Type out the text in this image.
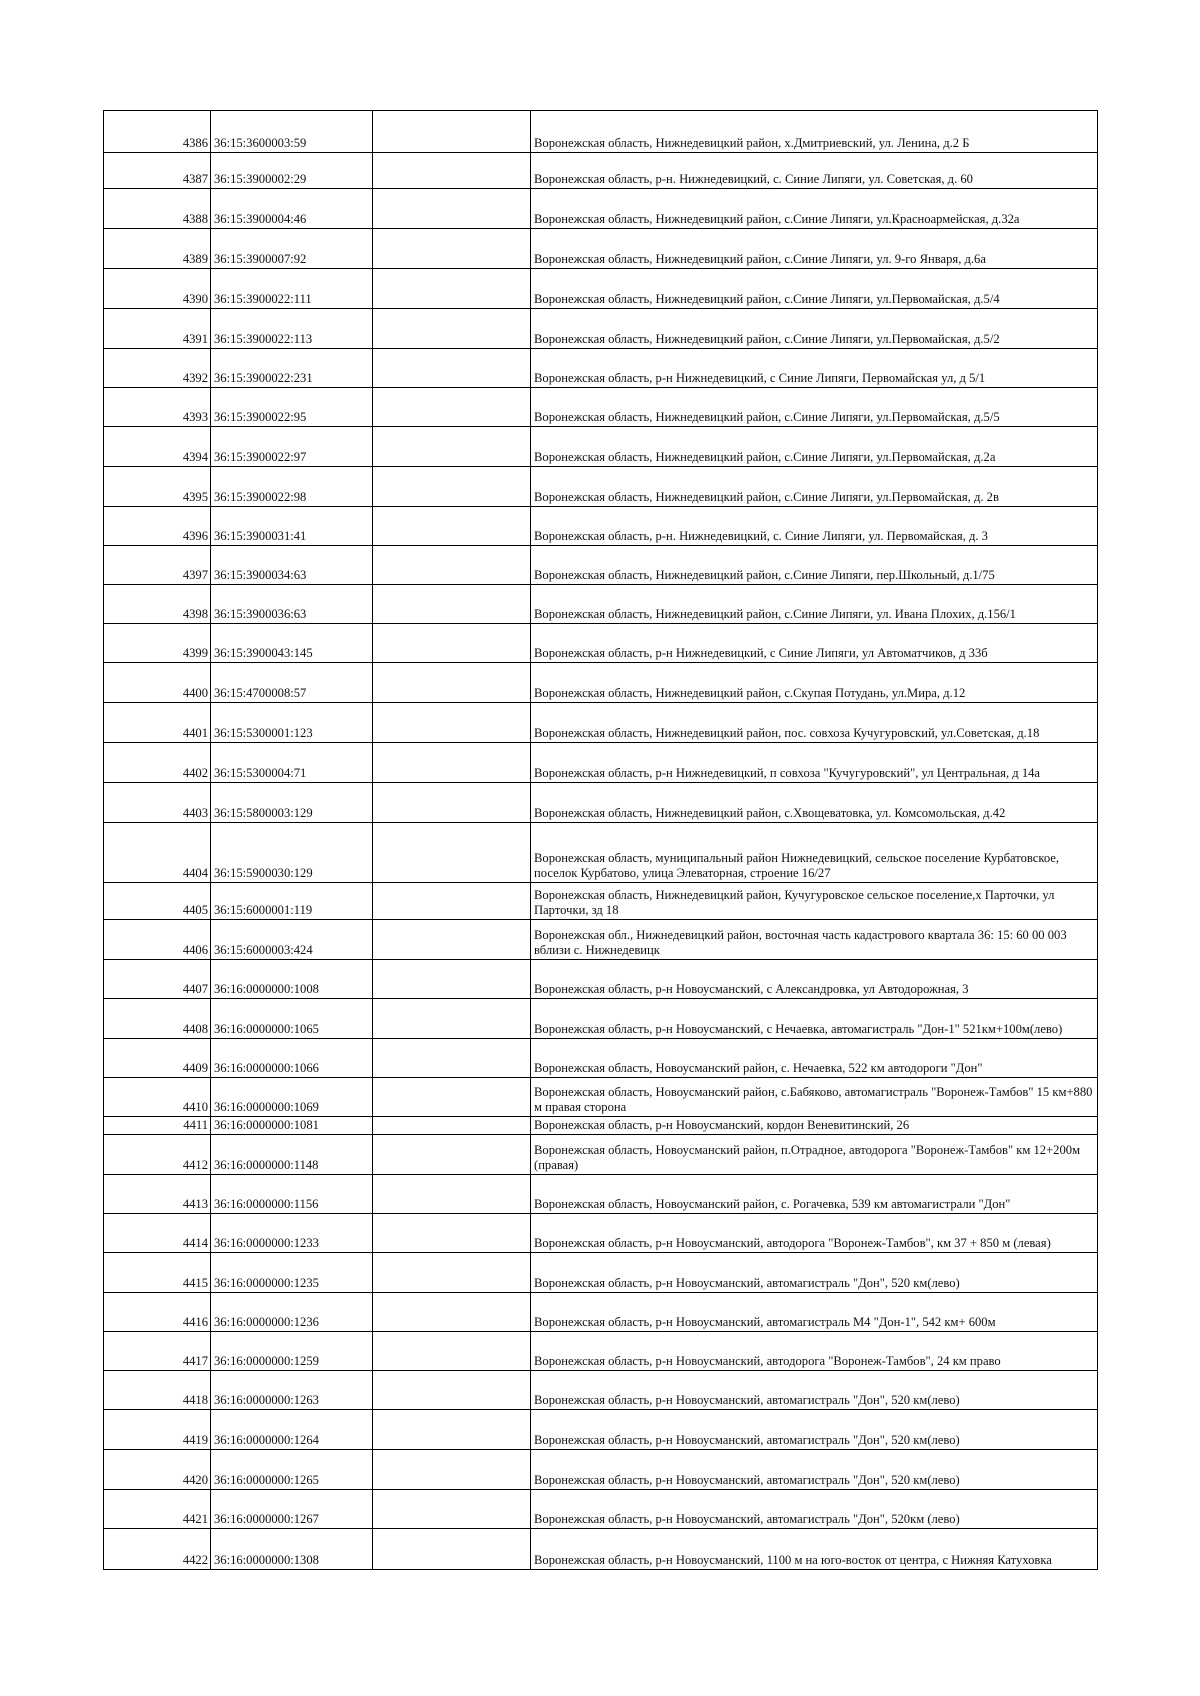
4386	36:15:3600003:59		Воронежская область, Нижнедевицкий район, х.Дмитриевский, ул. Ленина, д.2 Б
4387	36:15:3900002:29		Воронежская область, р-н. Нижнедевицкий, с. Синие Липяги, ул. Советская, д. 60
4388	36:15:3900004:46		Воронежская область, Нижнедевицкий район, с.Синие Липяги, ул.Красноармейская, д.32а
4389	36:15:3900007:92		Воронежская область, Нижнедевицкий район, с.Синие Липяги, ул. 9-го Января, д.6а
4390	36:15:3900022:111		Воронежская область, Нижнедевицкий район, с.Синие Липяги, ул.Первомайская, д.5/4
4391	36:15:3900022:113		Воронежская область, Нижнедевицкий район, с.Синие Липяги, ул.Первомайская, д.5/2
4392	36:15:3900022:231		Воронежская область, р-н Нижнедевицкий, с Синие Липяги, Первомайская ул, д 5/1
4393	36:15:3900022:95		Воронежская область, Нижнедевицкий район, с.Синие Липяги, ул.Первомайская, д.5/5
4394	36:15:3900022:97		Воронежская область, Нижнедевицкий район, с.Синие Липяги, ул.Первомайская, д.2а
4395	36:15:3900022:98		Воронежская область, Нижнедевицкий район, с.Синие Липяги, ул.Первомайская, д. 2в
4396	36:15:3900031:41		Воронежская область, р-н. Нижнедевицкий, с. Синие Липяги, ул. Первомайская, д. 3
4397	36:15:3900034:63		Воронежская область, Нижнедевицкий район, с.Синие Липяги, пер.Школьный, д.1/75
4398	36:15:3900036:63		Воронежская область, Нижнедевицкий район, с.Синие Липяги, ул. Ивана Плохих, д.156/1
4399	36:15:3900043:145		Воронежская область, р-н Нижнедевицкий, с Синие Липяги, ул Автоматчиков, д 33б
4400	36:15:4700008:57		Воронежская область, Нижнедевицкий район, с.Скупая Потудань, ул.Мира, д.12
4401	36:15:5300001:123		Воронежская область, Нижнедевицкий район, пос. совхоза Кучугуровский, ул.Советская, д.18
4402	36:15:5300004:71		Воронежская область, р-н Нижнедевицкий, п совхоза "Кучугуровский", ул Центральная, д 14а
4403	36:15:5800003:129		Воронежская область, Нижнедевицкий район, с.Хвощеватовка, ул. Комсомольская, д.42
4404	36:15:5900030:129		Воронежская область, муниципальный район Нижнедевицкий, сельское поселение Курбатовское, поселок Курбатово, улица Элеваторная, строение 16/27
4405	36:15:6000001:119		Воронежская область, Нижнедевицкий район, Кучугуровское сельское поселение,х Парточки, ул Парточки, зд 18
4406	36:15:6000003:424		Воронежская обл., Нижнедевицкий район, восточная часть кадастрового квартала 36: 15: 60 00 003 вблизи с. Нижнедевицк
4407	36:16:0000000:1008		Воронежская область, р-н Новоусманский, с Александровка, ул Автодорожная, 3
4408	36:16:0000000:1065		Воронежская область, р-н Новоусманский, с Нечаевка, автомагистраль "Дон-1" 521км+100м(лево)
4409	36:16:0000000:1066		Воронежская область, Новоусманский район, с. Нечаевка, 522 км автодороги "Дон"
4410	36:16:0000000:1069		Воронежская область, Новоусманский район, с.Бабяково, автомагистраль "Воронеж-Тамбов" 15 км+880 м правая сторона
4411	36:16:0000000:1081		Воронежская область, р-н Новоусманский, кордон Веневитинский, 26
4412	36:16:0000000:1148		Воронежская область, Новоусманский район, п.Отрадное, автодорога "Воронеж-Тамбов" км 12+200м (правая)
4413	36:16:0000000:1156		Воронежская область, Новоусманский район, с. Рогачевка, 539 км автомагистрали "Дон"
4414	36:16:0000000:1233		Воронежская область, р-н Новоусманский, автодорога "Воронеж-Тамбов", км 37 + 850 м (левая)
4415	36:16:0000000:1235		Воронежская область, р-н Новоусманский, автомагистраль "Дон", 520 км(лево)
4416	36:16:0000000:1236		Воронежская область, р-н Новоусманский, автомагистраль М4 "Дон-1", 542 км+ 600м
4417	36:16:0000000:1259		Воронежская область, р-н Новоусманский, автодорога "Воронеж-Тамбов", 24 км право
4418	36:16:0000000:1263		Воронежская область, р-н Новоусманский, автомагистраль "Дон", 520 км(лево)
4419	36:16:0000000:1264		Воронежская область, р-н Новоусманский, автомагистраль "Дон", 520 км(лево)
4420	36:16:0000000:1265		Воронежская область, р-н Новоусманский, автомагистраль "Дон", 520 км(лево)
4421	36:16:0000000:1267		Воронежская область, р-н Новоусманский, автомагистраль "Дон", 520км (лево)
4422	36:16:0000000:1308		Воронежская область, р-н Новоусманский, 1100 м на юго-восток от центра, с Нижняя Катуховка
